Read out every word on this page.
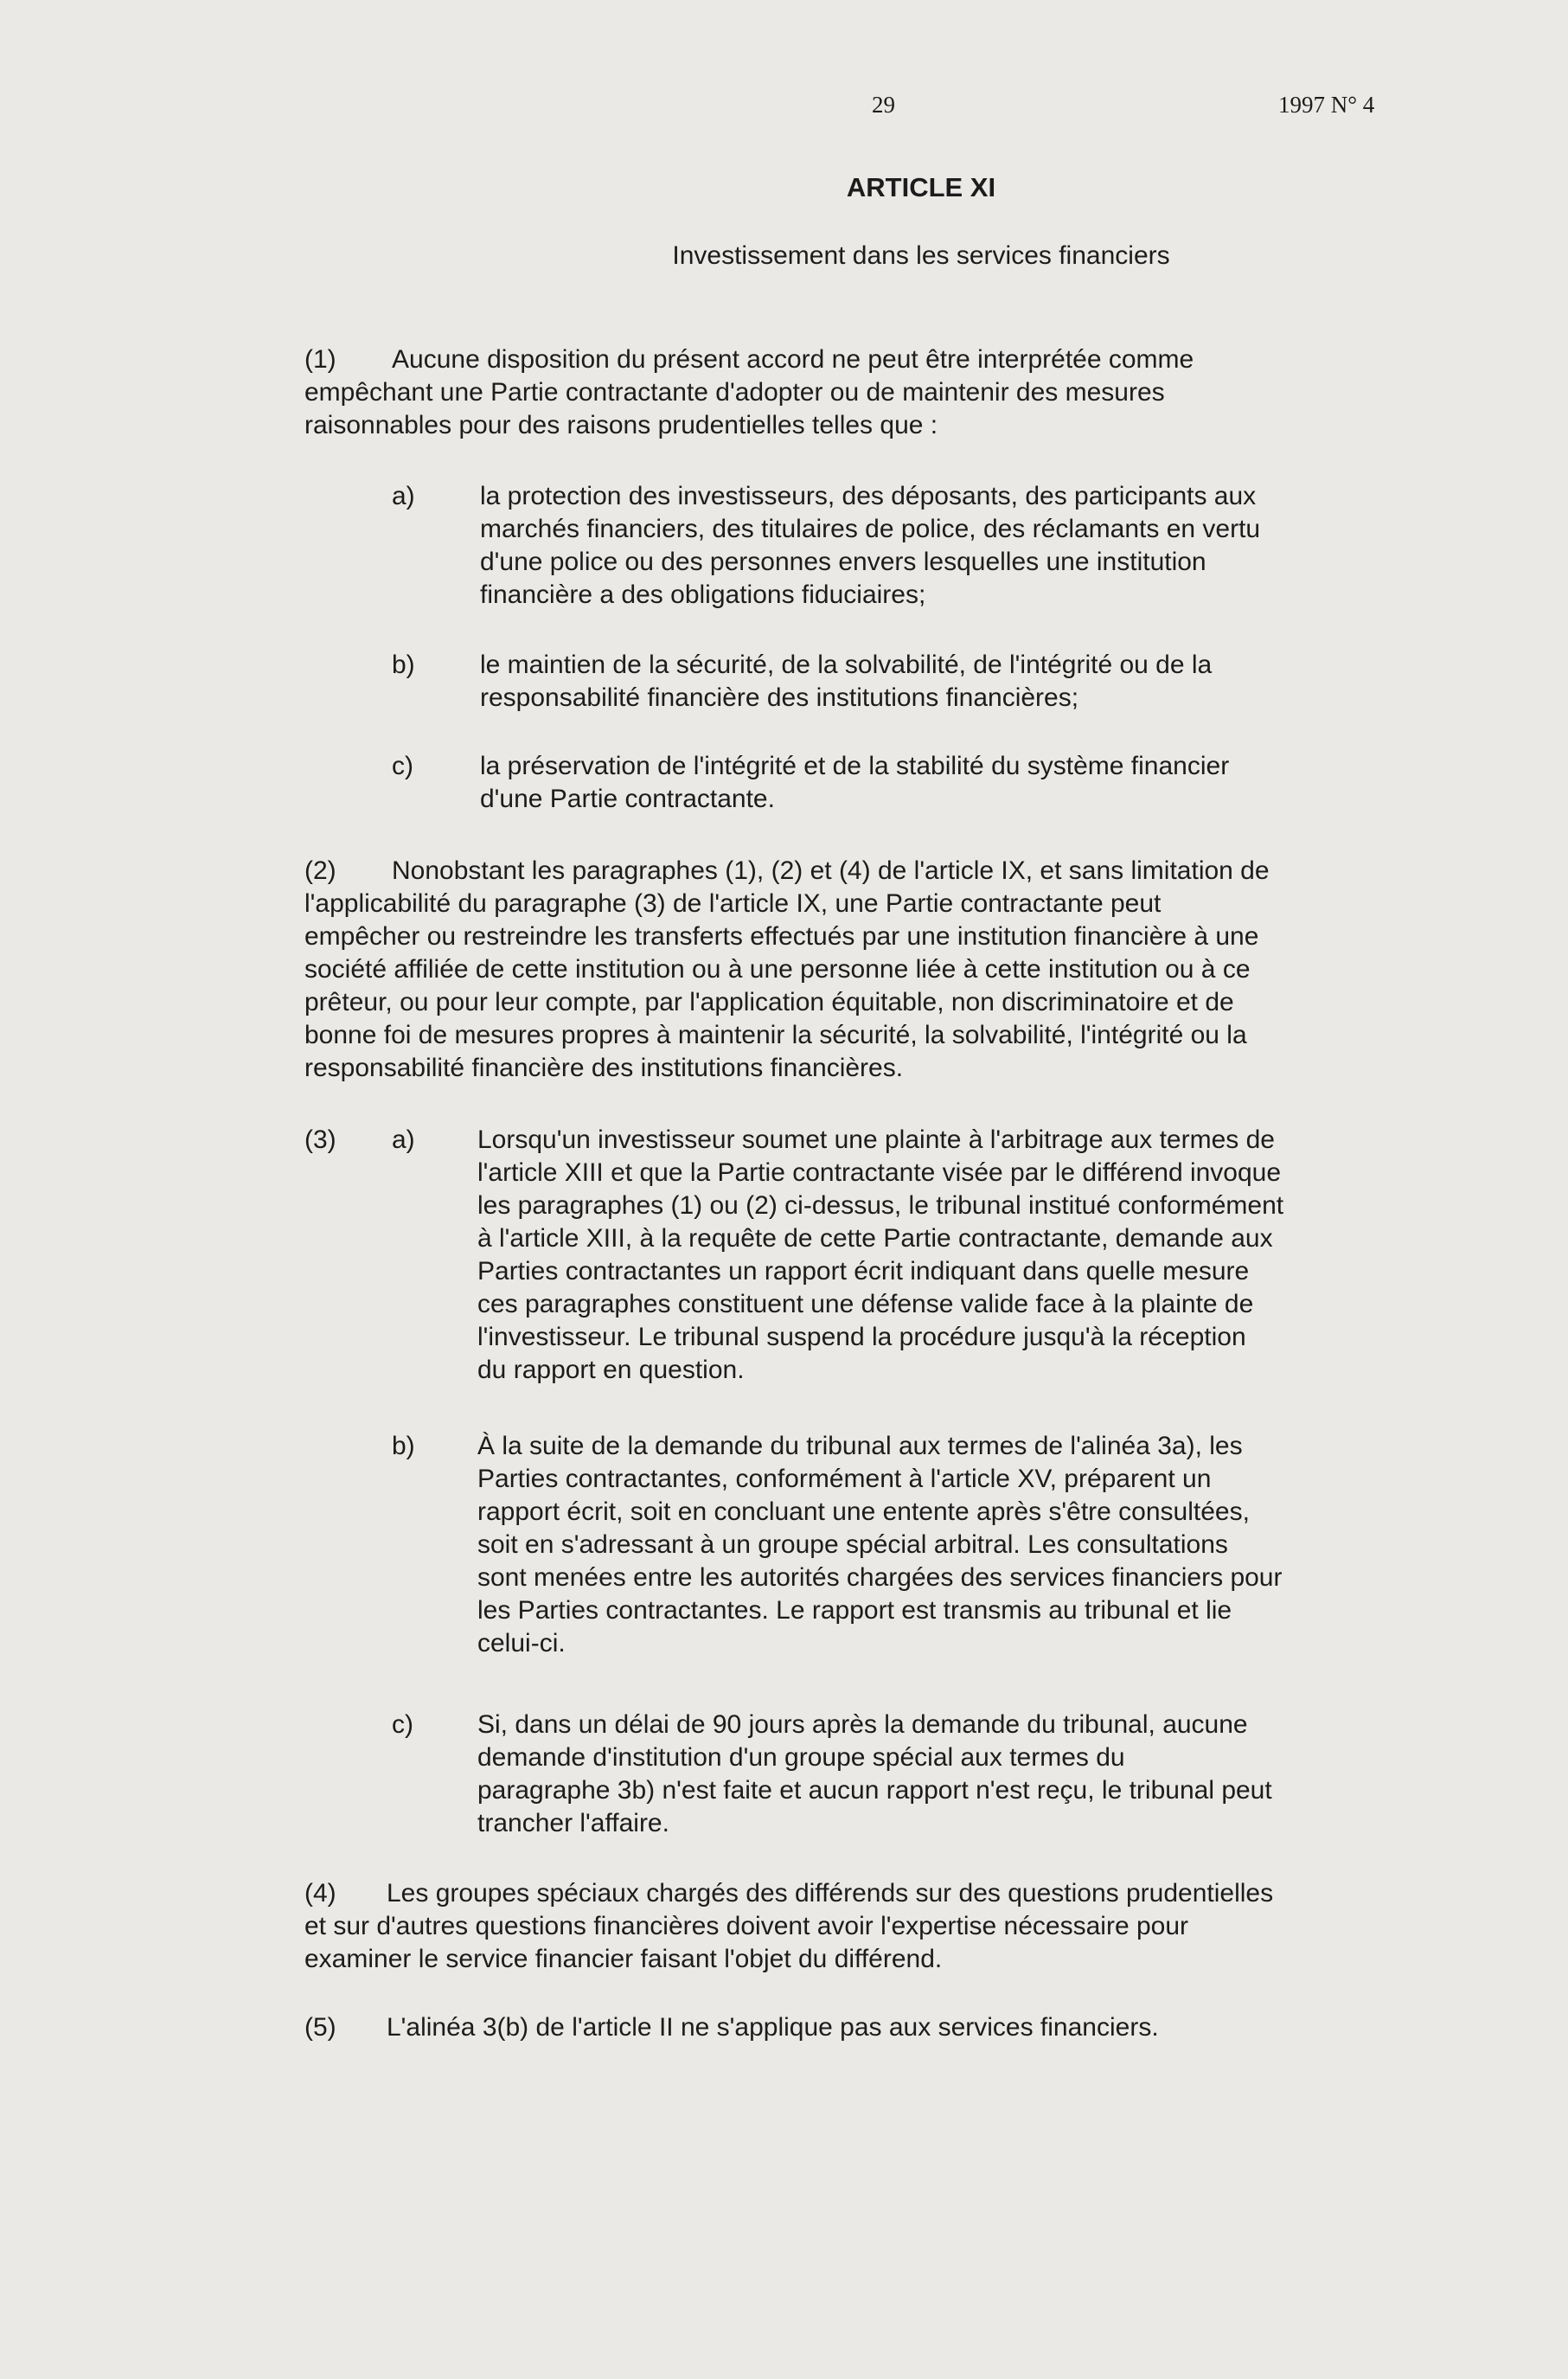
29	1997 N° 4
ARTICLE XI
Investissement dans les services financiers
(1)	Aucune disposition du présent accord ne peut être interprétée comme
empêchant une Partie contractante d'adopter ou de maintenir des mesures
raisonnables pour des raisons prudentielles telles que :
a)	la protection des investisseurs, des déposants, des participants aux
marchés financiers, des titulaires de police, des réclamants en vertu
d'une police ou des personnes envers lesquelles une institution
financière a des obligations fiduciaires;
b)	le maintien de la sécurité, de la solvabilité, de l'intégrité ou de la
responsabilité financière des institutions financières;
c)	la préservation de l'intégrité et de la stabilité du système financier
d'une Partie contractante.
(2)	Nonobstant les paragraphes (1), (2) et (4) de l'article IX, et sans limitation de
l'applicabilité du paragraphe (3) de l'article IX, une Partie contractante peut
empêcher ou restreindre les transferts effectués par une institution financière à une
société affiliée de cette institution ou à une personne liée à cette institution ou à ce
prêteur, ou pour leur compte, par l'application équitable, non discriminatoire et de
bonne foi de mesures propres à maintenir la sécurité, la solvabilité, l'intégrité ou la
responsabilité financière des institutions financières.
(3) a) Lorsqu'un investisseur soumet une plainte à l'arbitrage aux termes de
l'article XIII et que la Partie contractante visée par le différend invoque
les paragraphes (1) ou (2) ci-dessus, le tribunal institué conformément
à l'article XIII, à la requête de cette Partie contractante, demande aux
Parties contractantes un rapport écrit indiquant dans quelle mesure
ces paragraphes constituent une défense valide face à la plainte de
l'investisseur. Le tribunal suspend la procédure jusqu'à la réception
du rapport en question.
b) À la suite de la demande du tribunal aux termes de l'alinéa 3a), les
Parties contractantes, conformément à l'article XV, préparent un
rapport écrit, soit en concluant une entente après s'être consultées,
soit en s'adressant à un groupe spécial arbitral. Les consultations
sont menées entre les autorités chargées des services financiers pour
les Parties contractantes. Le rapport est transmis au tribunal et lie
celui-ci.
c) Si, dans un délai de 90 jours après la demande du tribunal, aucune
demande d'institution d'un groupe spécial aux termes du
paragraphe 3b) n'est faite et aucun rapport n'est reçu, le tribunal peut
trancher l'affaire.
(4)	Les groupes spéciaux chargés des différends sur des questions prudentielles
et sur d'autres questions financières doivent avoir l'expertise nécessaire pour
examiner le service financier faisant l'objet du différend.
(5)	L'alinéa 3(b) de l'article II ne s'applique pas aux services financiers.
